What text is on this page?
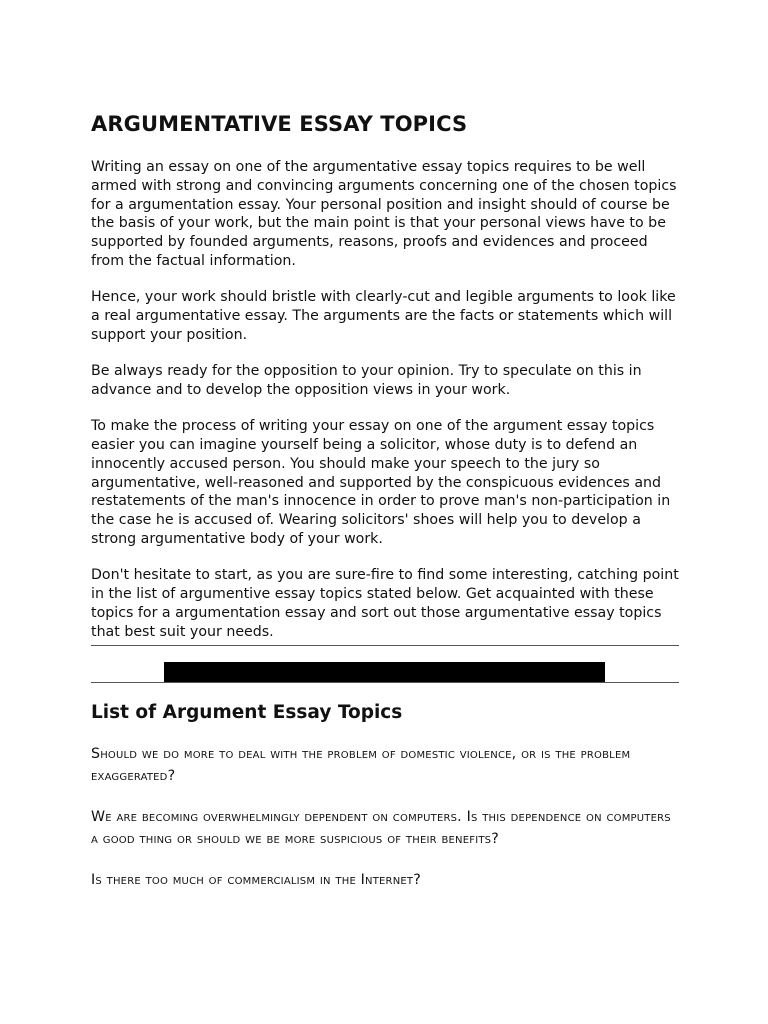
ARGUMENTATIVE ESSAY TOPICS

Writing an essay on one of the argumentative essay topics requires to be well armed with strong and convincing arguments concerning one of the chosen topics for a argumentation essay. Your personal position and insight should of course be the basis of your work, but the main point is that your personal views have to be supported by founded arguments, reasons, proofs and evidences and proceed from the factual information.

Hence, your work should bristle with clearly-cut and legible arguments to look like a real argumentative essay. The arguments are the facts or statements which will support your position.

Be always ready for the opposition to your opinion. Try to speculate on this in advance and to develop the opposition views in your work.

To make the process of writing your essay on one of the argument essay topics easier you can imagine yourself being a solicitor, whose duty is to defend an innocently accused person. You should make your speech to the jury so argumentative, well-reasoned and supported by the conspicuous evidences and restatements of the man's innocence in order to prove man's non-participation in the case he is accused of. Wearing solicitors' shoes will help you to develop a strong argumentative body of your work.

Don't hesitate to start, as you are sure-fire to find some interesting, catching point in the list of argumentive essay topics stated below. Get acquainted with these topics for a argumentation essay and sort out those argumentative essay topics that best suit your needs.

List of Argument Essay Topics

Should we do more to deal with the problem of domestic violence, or is the problem exaggerated?

We are becoming overwhelmingly dependent on computers. Is this dependence on computers a good thing or should we be more suspicious of their benefits?

Is there too much of commercialism in the Internet?
